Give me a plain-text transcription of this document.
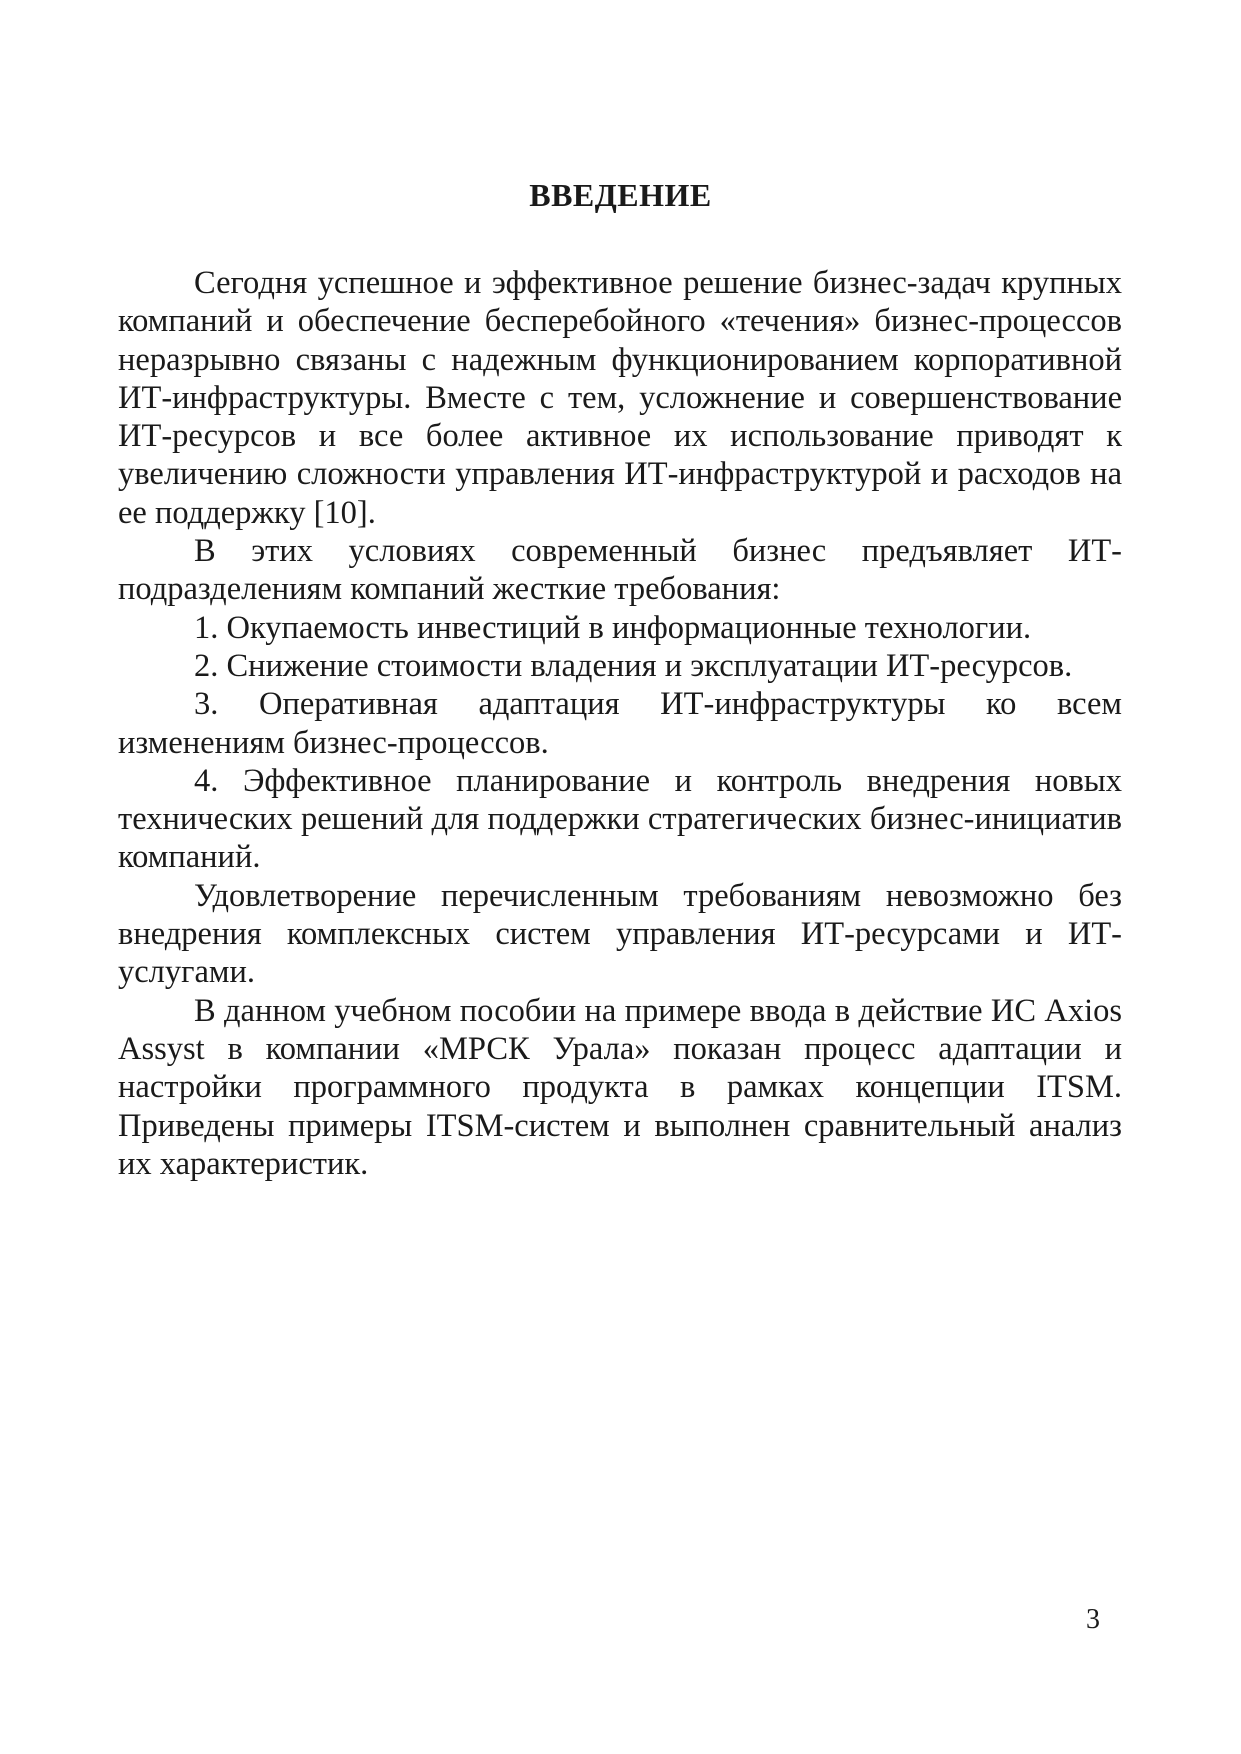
ВВЕДЕНИЕ

Сегодня успешное и эффективное решение бизнес-задач крупных компаний и обеспечение бесперебойного «течения» бизнес-процессов неразрывно связаны с надежным функционированием корпоративной ИТ-инфраструктуры. Вместе с тем, усложнение и совершенствование ИТ-ресурсов и все более активное их использование приводят к увеличению сложности управления ИТ-инфраструктурой и расходов на ее поддержку [10].

В этих условиях современный бизнес предъявляет ИТ-подразделениям компаний жесткие требования:

1. Окупаемость инвестиций в информационные технологии.

2. Снижение стоимости владения и эксплуатации ИТ-ресурсов.

3. Оперативная адаптация ИТ-инфраструктуры ко всем изменениям бизнес-процессов.

4. Эффективное планирование и контроль внедрения новых технических решений для поддержки стратегических бизнес-инициатив компаний.

Удовлетворение перечисленным требованиям невозможно без внедрения комплексных систем управления ИТ-ресурсами и ИТ-услугами.

В данном учебном пособии на примере ввода в действие ИС Axios Assyst в компании «МРСК Урала» показан процесс адаптации и настройки программного продукта в рамках концепции ITSM. Приведены примеры ITSM-систем и выполнен сравнительный анализ их характеристик.

3
